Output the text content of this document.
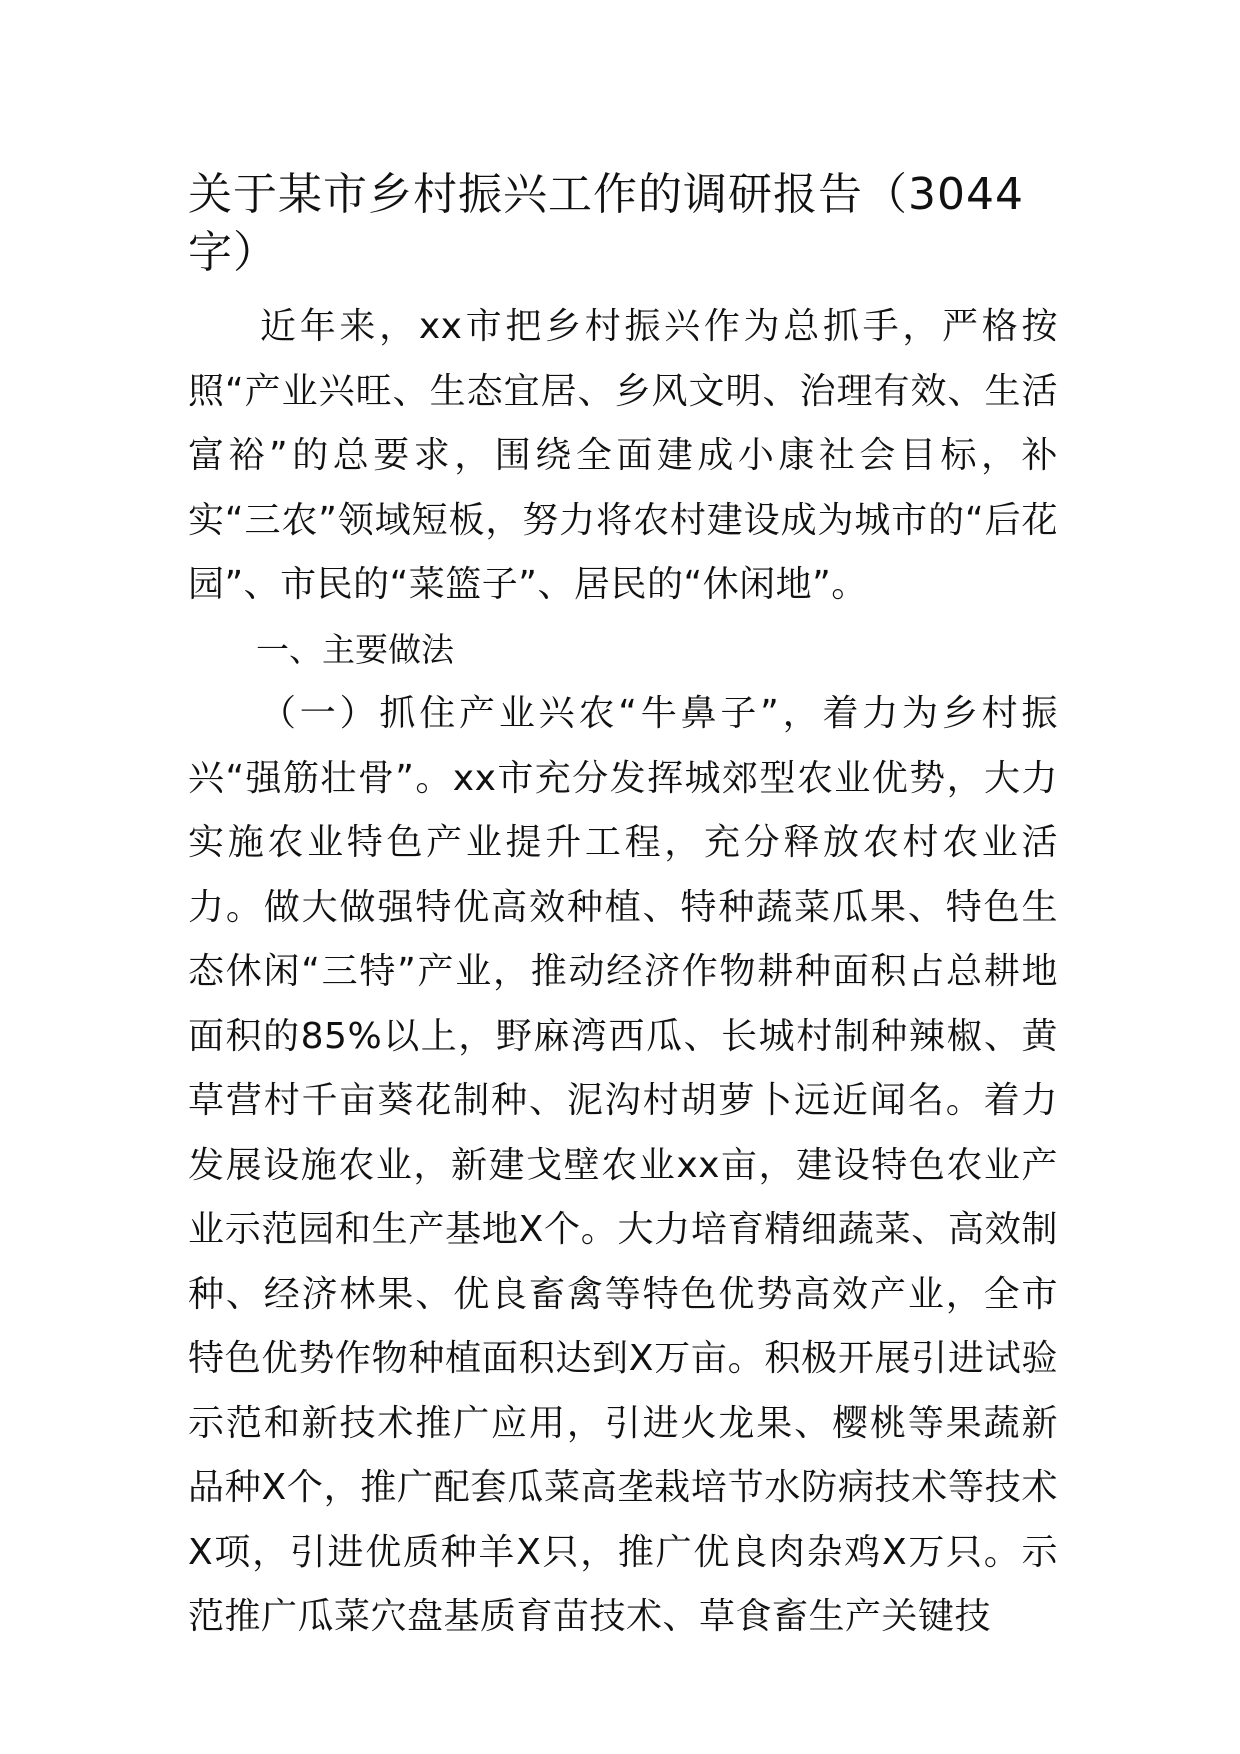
关于某市乡村振兴工作的调研报告（3044字）

近年来，xx市把乡村振兴作为总抓手，严格按照“产业兴旺、生态宜居、乡风文明、治理有效、生活富裕”的总要求，围绕全面建成小康社会目标，补实“三农”领域短板，努力将农村建设成为城市的“后花园”、市民的“菜篮子”、居民的“休闲地”。

一、主要做法

（一）抓住产业兴农“牛鼻子”，着力为乡村振兴“强筋壮骨”。xx市充分发挥城郊型农业优势，大力实施农业特色产业提升工程，充分释放农村农业活力。做大做强特优高效种植、特种蔬菜瓜果、特色生态休闲“三特”产业，推动经济作物耕种面积占总耕地面积的85%以上，野麻湾西瓜、长城村制种辣椒、黄草营村千亩葵花制种、泥沟村胡萝卜远近闻名。着力发展设施农业，新建戈壁农业xx亩，建设特色农业产业示范园和生产基地X个。大力培育精细蔬菜、高效制种、经济林果、优良畜禽等特色优势高效产业，全市特色优势作物种植面积达到X万亩。积极开展引进试验示范和新技术推广应用，引进火龙果、樱桃等果蔬新品种X个，推广配套瓜菜高垄栽培节水防病技术等技术X项，引进优质种羊X只，推广优良肉杂鸡X万只。示范推广瓜菜穴盘基质育苗技术、草食畜生产关键技
